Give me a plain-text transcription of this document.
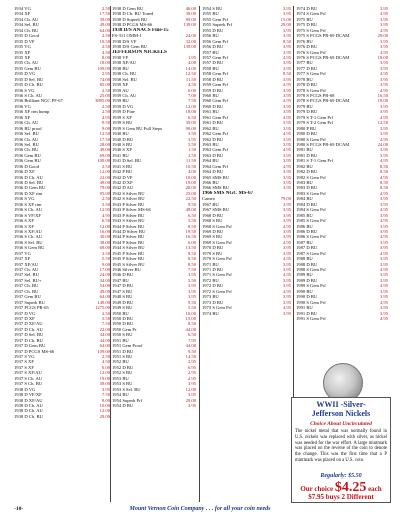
1934 VG	2.50
1934 XF	17.50
1934 Ch. AU	39.00
1934 Sel. BU	49.00
1934 Ch. BU	64.00
1935 D Good	2.50
1935 D VF	10.50
1935 VG	2.50
1935 XF	4.50
1935 XF	8.00
1935 Ch. AU	18.00
1935 Gem BU	109.00
1935 D VG	2.95
1935 D Sel. BU	74.00
1935 D Ch. BU	85.00
1936 S VG	2.50
1936 S Ch. AU	25.00
1936 Brilliant NGC PF-67	3895.00
1936 VG	2.50
1936 XF rim bump	2.50
1936 XF	4.95
1936 Ch. AU	9.50
1936 BU proof	9.00
1936 Sel. BU	12.50
1936 Ch. AU	17.50
1936 Sel. BU	28.00
1936 Ch. BU	49.00
1936 Gem BU	69.00
1936 Gem BU	109.00
1936 D Good	2.50
1936 D XF	12.00
1936 D Ch. AU	22.00
1936 D Sel. BU	49.00
1936 D Gem BU	79.00
1936 D XF rim	95.00
1936 S VG	2.50
1936 S XF rim	3.50
1936 S Ch. AU	12.95
1936 S VF/XF	4.95
1936 S XF	6.50
1936 S XF	12.00
1936 S XF/AU	16.00
1936 S Ch. AU	30.00
1936 S Sel. BU	38.00
1936 S Gem BU	69.00
1937 VG	2.50
1937 XF	5.50
1937 XF/AU	9.00
1937 Ch. AU	17.00
1937 Sel. BU	24.00
1937 Sel. BU+	34.00
1937 Ch. BU	54.00
1937 Ch. BU	49.00
1937 Gem BU	64.00
1937 Superb BU	149.00
1937 PCGS PR-65	1275.00
1937 D VG	2.50
1937 D XF	5.50
1937 D XF/AU	7.50
1937 D Ch. AU	22.00
1937 D Sel. BU	34.00
1937 D Ch. BU	44.00
1937 D Gem BU	64.00
1937 D PCGS MS-66	109.00
1937 S VG	2.50
1937 S XF	4.50
1937 S XF	6.00
1937 S XF/AU	12.00
1937 S Ch. AU	19.00
1937 S Ch. BU	39.00
1938 D VG	3.95
1938 D VF/XF	7.50
1938 D XF/AU	8.00
1938 D Ch. AU	10.00
1938 D Ch. AU	12.00
1938 D Ch. BU	29.00
1938 D Gem BU	46.00
1938 D Ch. BU Toned	39.00
1938 D Superb BU	99.00
1938 D PCGS MS-66	139.00
1938 D/S ANACS Fine-15
FS-311 OMM-1	24.00
1938 D/S VF	32.00
1938 D/S Gem BU	139.00
JEFFERSON NICKELS
1938 VF	1.95
1938 XF/AU	4.00
1938 BU	14.00
1938 Ch. BU	12.50
1938 Sel. BU	11.50
1939 XF	4.50
1939 AU	6.00
1939 Ch. AU	7.00
1939 BU	7.50
1939 D VG	12.00
1939 D Fine	18.00
1939 S XF	6.50
1939 S BU	39.00
1939 S Gem BU Full Steps	90.00
1940 BU	3.50
1940 D BU	3.95
1940 S BU	5.50
1940 S XF	1.50
1941 BU	3.50
1941 D Sel. BU	11.50
1941 S BU	10.50
1942 P BU	4.00
1942 D VF	10.00
1942 D XF	19.00
1942 D AU	28.00
1942 S Silver BU	25.00
1942 S Silver BU	22.50
1943 P Silver BU	9.50
1943 P Silver MS-66	48.00
1943 P Silver BU	6.50
1943 S Silver BU	5.50
1944 P Silver BU	8.50
1944 D Silver BU	19.50
1944 P Silver BU	16.50
1944 P Silver BU	6.00
1944 S Silver BU	13.50
1945 P Silver BU	9.50
1945 P Silver BU	8.50
1945 S Silver BU	8.50
1946 Silver BU	7.50
1946 D BU	3.95
1947 BU	5.50
1947 D BU	3.95
1947 S BU	3.95
1948 S BU	3.95
1949 D BU	9.50
1949 S BU	5.50
1950 BU	10.00
1950 D BU	15.00
1950 D BU	8.50
1950 Gem Pr	44.00
1950 S BU	6.50
1951 BU	7.95
1951 Gem Proof	44.00
1951 D BU	9.50
1951 S BU	14.50
1952 BU	2.95
1952 D BU	6.95
1952 S BU	2.95
1953 BU	2.95
1953 S BU	3.95
1953 S Sel. BU	12.00
1954 BU	3.95
1954 Superb Prf	29.00
1954 D BU	3.95
1954 S BU	3.95
1955 BU	3.95
1955 Gem Prf	15.00
1955 Superb Prf	29.00
1955 D BU	3.95
1956 BU	3.95
1956 Gem Prf	8.50
1956 D BU	3.95
1957 BU	3.95
1957 Gem Prf	4.95
1957 D BU	3.95
1958 BU	3.95
1958 Gem Prf	8.50
1958 D BU	3.95
1959 Gem Prf	4.95
1959 D BU	3.95
1960 BU	3.95
1960 Gem Prf	4.95
1960 D BU	3.95
1961 BU	3.95
1961 Gem Prf	4.95
1961 D BU	3.95
1962 BU	3.95
1962 Gem Prf	4.95
1962 D BU	3.95
1963 BU	3.95
1963 Gem Prf	4.95
1963 D BU	3.95
1964 BU	3.95
1964 Gem Prf	4.95
1964 D BU	3.95
1965 SMS BU	3.95
1966 BU	3.95
1966 SMS BU	3.95
1966 SMS NGC MS-67
Cameo	79.00
1967 BU	3.95
1967 SMS BU	3.95
1968 D BU	3.95
1968 S BU	3.95
1968 S Gem Prf	4.95
1969 D BU	3.95
1969 S BU	3.95
1969 S Gem Prf	4.95
1970 D BU	3.95
1970 S BU	3.95
1970 S Gem Prf	4.95
1971 BU	3.95
1971 D BU	3.95
1971 S Gem Prf	4.95
1972 BU	3.95
1972 D BU	3.95
1972 S Gem Prf	4.95
1973 BU	3.95
1973 D BU	3.95
1973 S Gem Prf	4.95
1974 BU	3.95
1974 D BU	3.95
1974 S Gem Prf	4.95
1975 BU	3.95
1975 D BU	3.95
1975 S Gem Prf	4.95
1975 S PCGS PR-69 DCAM	29.00
1976 BU	3.95
1976 D BU	3.95
1976 S Gem Prf	4.95
1976 S PCGS PR-69 DCAM	18.00
1977 BU	3.95
1977 D BU	3.95
1977 S Gem Prf	4.95
1978 BU	3.95
1978 D BU	3.95
1978 S Gem Prf	4.95
1978 S PCGS PR-68	16.50
1978 S PCGS PR-69 DCAM	18.00
1979 BU	3.95
1979 D BU	3.95
1979 S T-1 Gem Prf	4.95
1979 S T-2 Gem Prf	12.50
1980 P BU	3.95
1980 D BU	3.95
1980 S Gem Prf	4.95
1980 S PCGS PR-69 DCAM	24.00
1981 BU	3.95
1981 D BU	3.95
1981 S T-1 Gem Prf	4.95
1982 BU	8.50
1982 D BU	8.50
1982 S Gem Prf	4.95
1983 BU	8.50
1983 D BU	8.50
1983 S Gem Prf	4.95
1984 BU	3.95
1984 D BU	3.95
1984 S Gem Prf	4.95
1985 BU	3.95
1985 S Gem Prf	4.95
1986 BU	3.95
1986 D BU	3.95
1986 S Gem Prf	4.95
1987 BU	3.95
1987 D BU	3.95
1987 S Gem Prf	4.95
1988 BU	3.95
1988 D BU	3.95
1988 S Gem Prf	4.95
1989 BU	3.95
1989 D BU	3.95
1989 S Gem Prf	4.95
1990 BU	3.95
1990 D BU	3.95
1990 S Gem Prf	4.95
1991 BU	3.95
1991 D BU	3.95
1991 S Gem Prf	4.95
WWII -Silver-
Jefferson Nickels
Choice About Uncirculated
The nickel metal that was normally found in U.S. nickels was replaced with silver, as nickel was needed for the war effort. A large mintmark was placed on the reverse of the coin to denote the change. This was the first time that a P mintmark was placed on a U.S. coin.
Regularly: $5.50
Our choice $4.25 each
$7.95 buys 2 Different
-10-	Mount Vernon Coin Company . . . for all your coin needs
